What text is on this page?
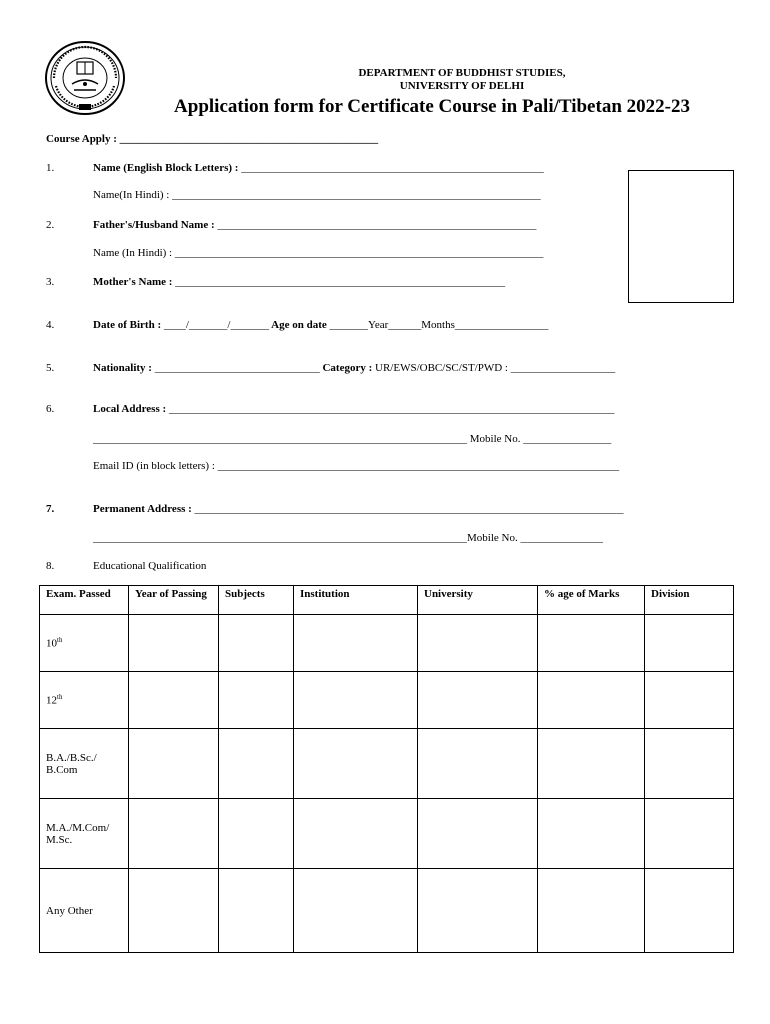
DEPARTMENT OF BUDDHIST STUDIES,
UNIVERSITY OF DELHI
Application form for Certificate Course in Pali/Tibetan 2022-23
Course Apply : _______________________________________________
1.	Name (English Block Letters) : _______________________________________________________
Name(In Hindi) : ___________________________________________________________________
2.	Father's/Husband Name : __________________________________________________________
Name (In Hindi) : ___________________________________________________________________
3.	Mother's Name : ____________________________________________________________
4.	Date of Birth : ____/_______/_______ Age on date _______Year______Months_________________
5.	Nationality : ______________________________ Category : UR/EWS/OBC/SC/ST/PWD : ___________________
6.	Local Address : _________________________________________________________________________________
____________________________________________________________________ Mobile No. ________________
Email ID (in block letters) : _________________________________________________________________________
7.	Permanent Address : ______________________________________________________________________________
____________________________________________________________________Mobile No. _______________
8.	Educational Qualification
Exam. Passed	Year of Passing	Subjects	Institution	University	% age of Marks	Division
10th						
12th						
B.A./B.Sc./ B.Com						
M.A./M.Com/ M.Sc.						
Any Other						
